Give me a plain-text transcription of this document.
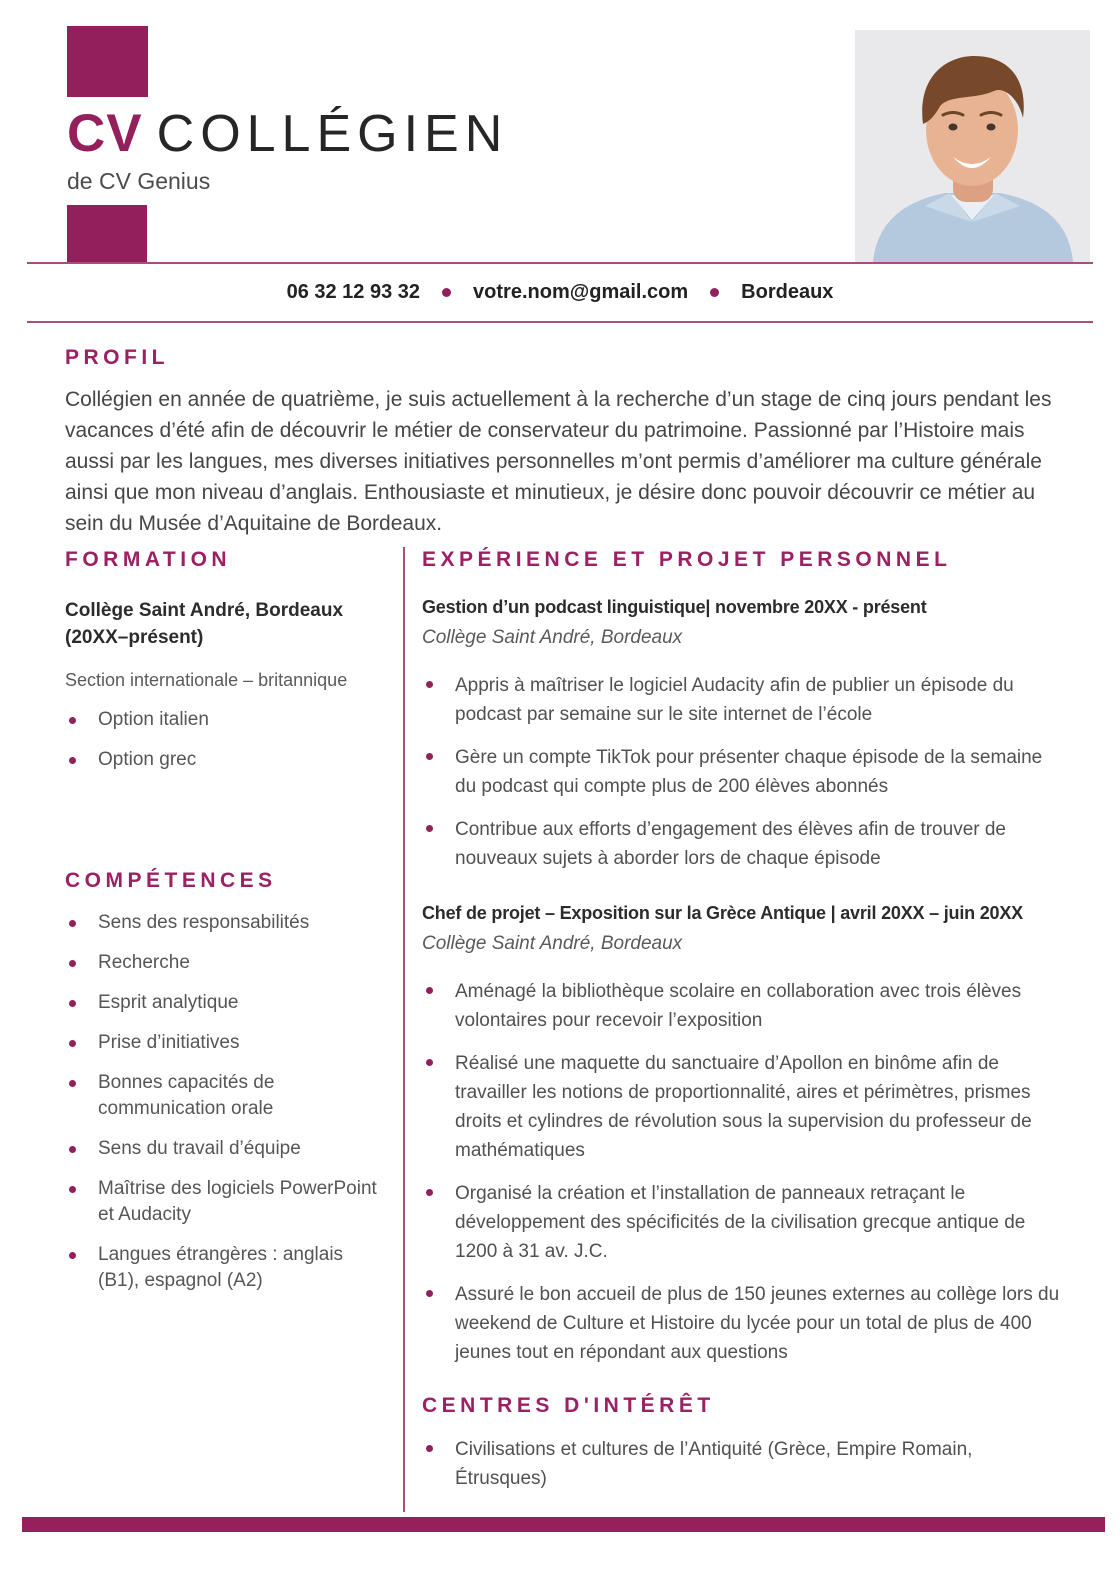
CV COLLÉGIEN
de CV Genius
06 32 12 93 32	votre.nom@gmail.com	Bordeaux
PROFIL

Collégien en année de quatrième, je suis actuellement à la recherche d’un stage de cinq jours pendant les vacances d’été afin de découvrir le métier de conservateur du patrimoine. Passionné par l’Histoire mais aussi par les langues, mes diverses initiatives personnelles m’ont permis d’améliorer ma culture générale ainsi que mon niveau d’anglais. Enthousiaste et minutieux, je désire donc pouvoir découvrir ce métier au sein du Musée d’Aquitaine de Bordeaux.

FORMATION
Collège Saint André, Bordeaux (20XX–présent)
Section internationale – britannique
Option italien
Option grec
COMPÉTENCES
Sens des responsabilités
Recherche
Esprit analytique
Prise d’initiatives
Bonnes capacités de communication orale
Sens du travail d’équipe
Maîtrise des logiciels PowerPoint et Audacity
Langues étrangères : anglais (B1), espagnol (A2)
EXPÉRIENCE ET PROJET PERSONNEL
Gestion d’un podcast linguistique| novembre 20XX - présent
Collège Saint André, Bordeaux
Appris à maîtriser le logiciel Audacity afin de publier un épisode du podcast par semaine sur le site internet de l’école
Gère un compte TikTok pour présenter chaque épisode de la semaine du podcast qui compte plus de 200 élèves abonnés
Contribue aux efforts d’engagement des élèves afin de trouver de nouveaux sujets à aborder lors de chaque épisode
Chef de projet – Exposition sur la Grèce Antique | avril 20XX – juin 20XX
Collège Saint André, Bordeaux
Aménagé la bibliothèque scolaire en collaboration avec trois élèves volontaires pour recevoir l’exposition
Réalisé une maquette du sanctuaire d’Apollon en binôme afin de travailler les notions de proportionnalité, aires et périmètres, prismes droits et cylindres de révolution sous la supervision du professeur de mathématiques
Organisé la création et l’installation de panneaux retraçant le développement des spécificités de la civilisation grecque antique de 1200 à 31 av. J.C.
Assuré le bon accueil de plus de 150 jeunes externes au collège lors du weekend de Culture et Histoire du lycée pour un total de plus de 400 jeunes tout en répondant aux questions
CENTRES D'INTÉRÊT
Civilisations et cultures de l’Antiquité (Grèce, Empire Romain, Étrusques)
